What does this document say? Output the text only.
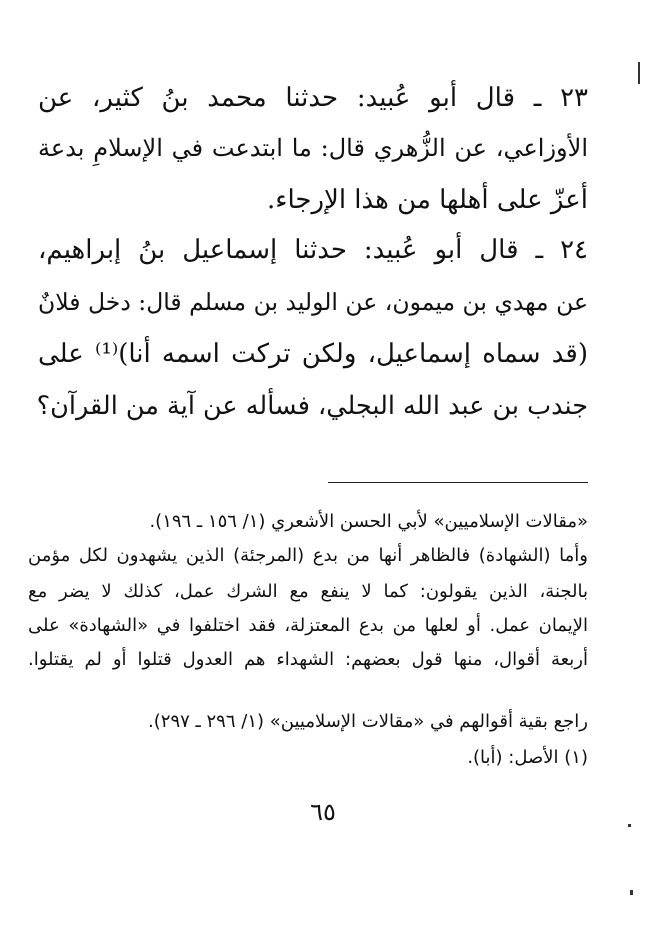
٢٣ ـ قال أبو عُبيد: حدثنا محمد بنُ كثير، عن
الأوزاعي، عن الزُّهري قال: ما ابتدعت في الإسلامِ بدعة
أعزّ على أهلها من هذا الإرجاء.
٢٤ ـ قال أبو عُبيد: حدثنا إسماعيل بنُ إبراهيم،
عن مهدي بن ميمون، عن الوليد بن مسلم قال: دخل فلانٌ
(قد سماه إسماعيل، ولكن تركت اسمه أنا)⁽¹⁾ على
جندب بن عبد الله البجلي، فسأله عن آية من القرآن؟
«مقالات الإسلاميين» لأبي الحسن الأشعري (١/ ١٥٦ ـ ١٩٦).
وأما (الشهادة) فالظاهر أنها من بدع (المرجئة) الذين يشهدون لكل مؤمن
بالجنة، الذين يقولون: كما لا ينفع مع الشرك عمل، كذلك لا يضر مع
الإيمان عمل. أو لعلها من بدع المعتزلة، فقد اختلفوا في «الشهادة» على
أربعة أقوال، منها قول بعضهم: الشهداء هم العدول قتلوا أو لم يقتلوا.
راجع بقية أقوالهم في «مقالات الإسلاميين» (١/ ٢٩٦ ـ ٢٩٧).
(١) الأصل: (أبا).
٦٥
